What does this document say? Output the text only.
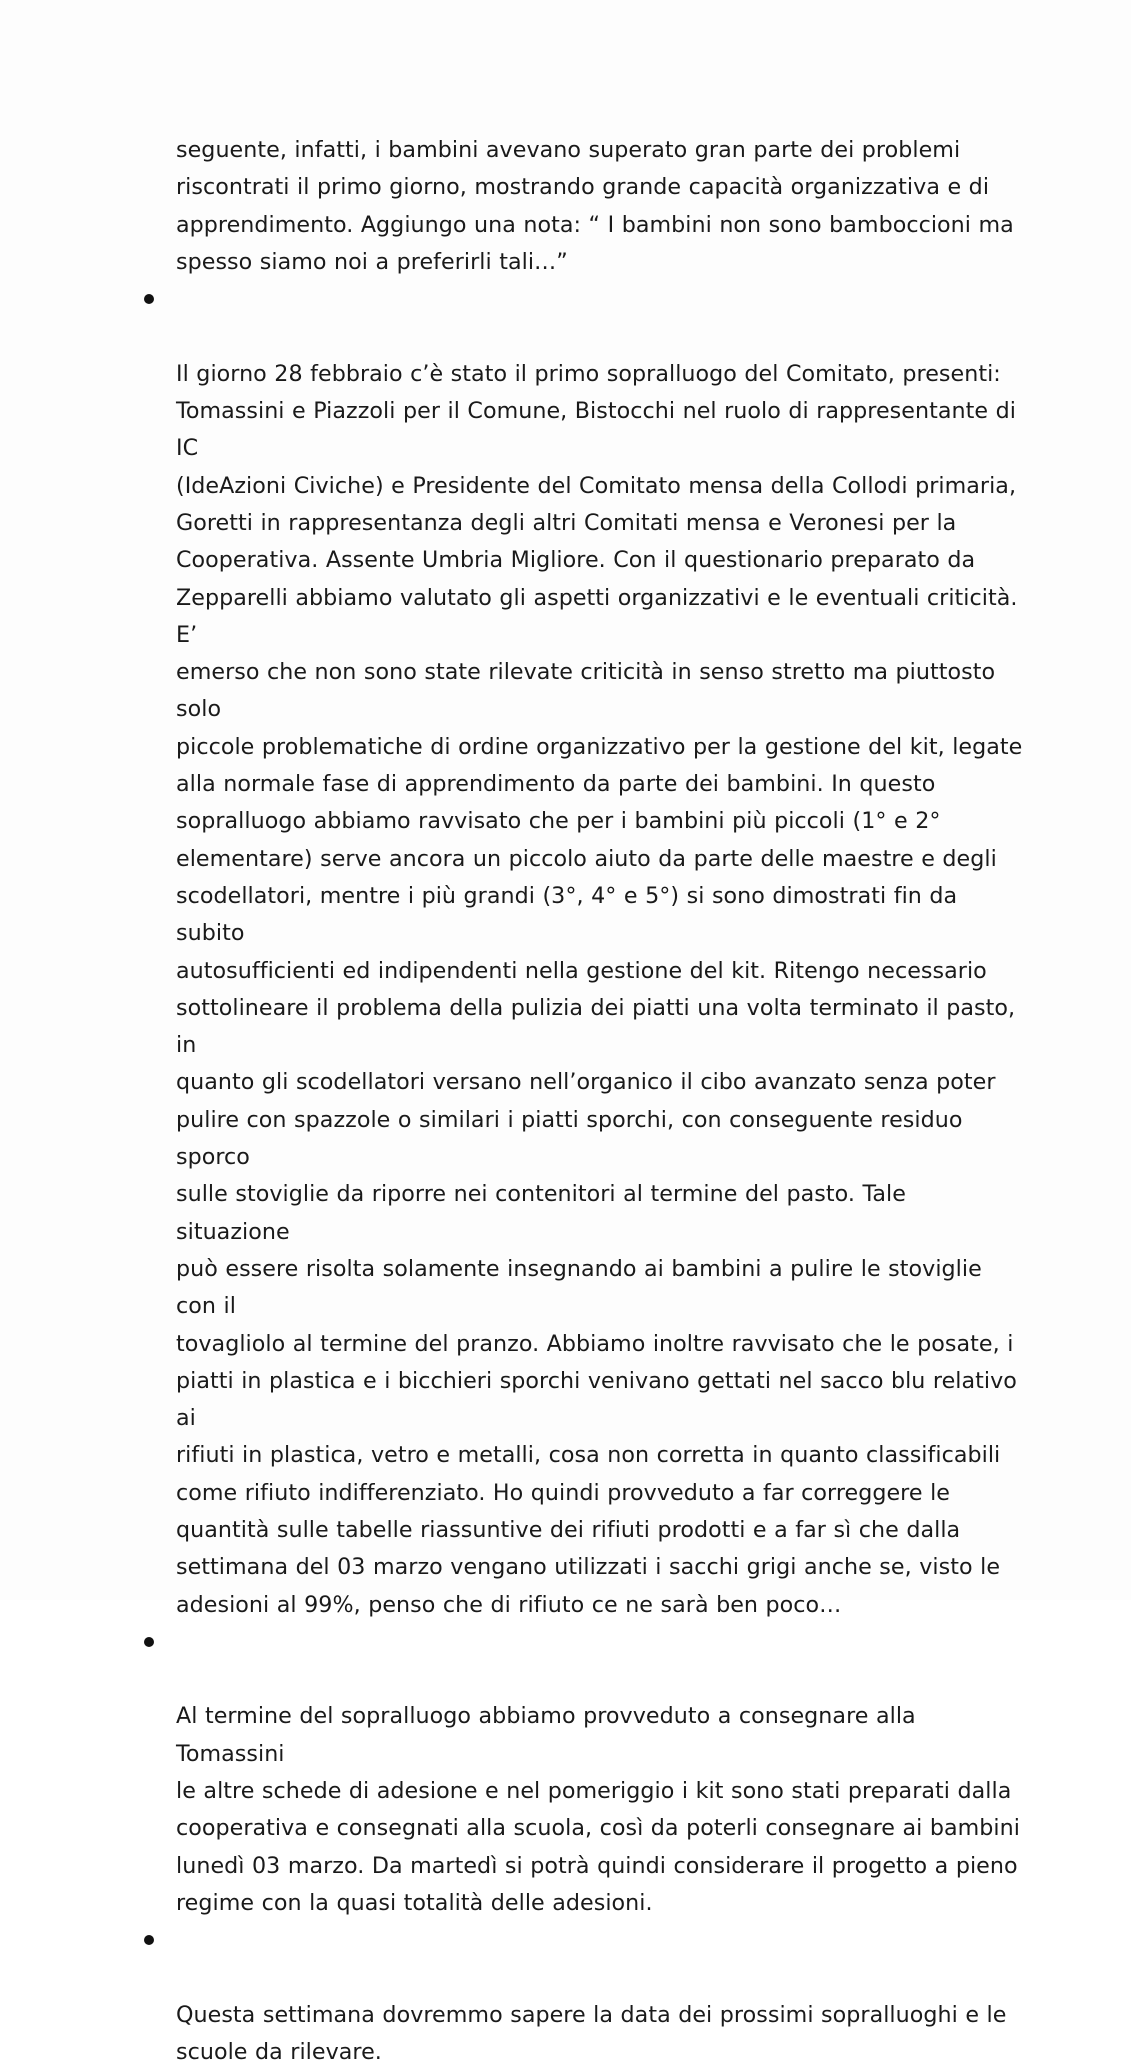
seguente, infatti, i bambini avevano superato gran parte dei problemi
riscontrati il primo giorno, mostrando grande capacità organizzativa e di
apprendimento. Aggiungo una nota: “ I bambini non sono bamboccioni ma
spesso siamo noi a preferirli tali…”

Il giorno 28 febbraio c’è stato il primo sopralluogo del Comitato, presenti:
Tomassini e Piazzoli per il Comune, Bistocchi nel ruolo di rappresentante di IC
(IdeAzioni Civiche) e Presidente del Comitato mensa della Collodi primaria,
Goretti in rappresentanza degli altri Comitati mensa e Veronesi per la
Cooperativa. Assente Umbria Migliore. Con il questionario preparato da
Zepparelli abbiamo valutato gli aspetti organizzativi e le eventuali criticità. E’
emerso che non sono state rilevate criticità in senso stretto ma piuttosto solo
piccole problematiche di ordine organizzativo per la gestione del kit, legate
alla normale fase di apprendimento da parte dei bambini. In questo
sopralluogo abbiamo ravvisato che per i bambini più piccoli (1° e 2°
elementare) serve ancora un piccolo aiuto da parte delle maestre e degli
scodellatori, mentre i più grandi (3°, 4° e 5°) si sono dimostrati fin da subito
autosufficienti ed indipendenti nella gestione del kit. Ritengo necessario
sottolineare il problema della pulizia dei piatti una volta terminato il pasto, in
quanto gli scodellatori versano nell’organico il cibo avanzato senza poter
pulire con spazzole o similari i piatti sporchi, con conseguente residuo sporco
sulle stoviglie da riporre nei contenitori al termine del pasto. Tale situazione
può essere risolta solamente insegnando ai bambini a pulire le stoviglie con il
tovagliolo al termine del pranzo. Abbiamo inoltre ravvisato che le posate, i
piatti in plastica e i bicchieri sporchi venivano gettati nel sacco blu relativo ai
rifiuti in plastica, vetro e metalli, cosa non corretta in quanto classificabili
come rifiuto indifferenziato. Ho quindi provveduto a far correggere le
quantità sulle tabelle riassuntive dei rifiuti prodotti e a far sì che dalla
settimana del 03 marzo vengano utilizzati i sacchi grigi anche se, visto le
adesioni al 99%, penso che di rifiuto ce ne sarà ben poco…

Al termine del sopralluogo abbiamo provveduto a consegnare alla Tomassini
le altre schede di adesione e nel pomeriggio i kit sono stati preparati dalla
cooperativa e consegnati alla scuola, così da poterli consegnare ai bambini
lunedì 03 marzo. Da martedì si potrà quindi considerare il progetto a pieno
regime con la quasi totalità delle adesioni.

Questa settimana dovremmo sapere la data dei prossimi sopralluoghi e le
scuole da rilevare.
